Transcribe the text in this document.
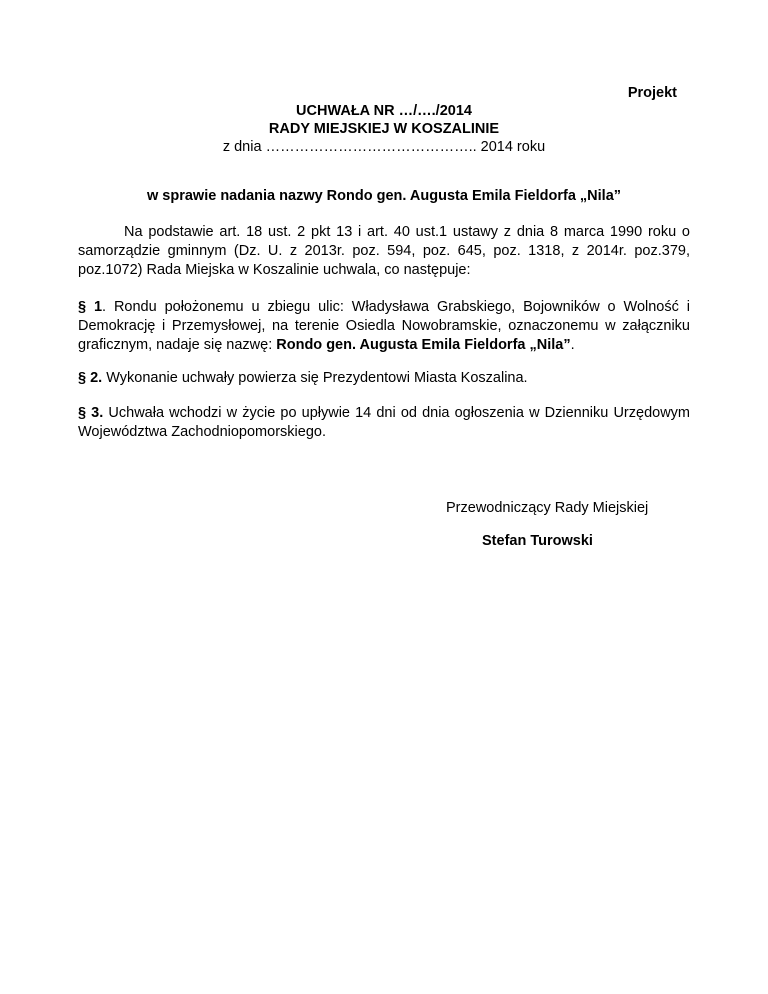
Projekt
UCHWAŁA NR …/…./2014
RADY MIEJSKIEJ W KOSZALINIE
z dnia …………………………………….. 2014 roku
w sprawie nadania nazwy Rondo gen. Augusta Emila Fieldorfa „Nila”
Na podstawie art. 18 ust. 2 pkt 13 i art. 40 ust.1 ustawy z dnia 8 marca 1990 roku o samorządzie gminnym (Dz. U. z 2013r. poz. 594, poz. 645, poz. 1318, z 2014r. poz.379, poz.1072) Rada Miejska w Koszalinie uchwala, co następuje:
§ 1. Rondu położonemu u zbiegu ulic: Władysława Grabskiego, Bojowników o Wolność i Demokrację i Przemysłowej, na terenie Osiedla Nowobramskie, oznaczonemu w załączniku graficznym, nadaje się nazwę: Rondo gen. Augusta Emila Fieldorfa „Nila”.
§ 2. Wykonanie uchwały powierza się Prezydentowi Miasta Koszalina.
§ 3. Uchwała wchodzi w życie po upływie 14 dni od dnia ogłoszenia w Dzienniku Urzędowym Województwa Zachodniopomorskiego.
Przewodniczący Rady Miejskiej
Stefan Turowski
